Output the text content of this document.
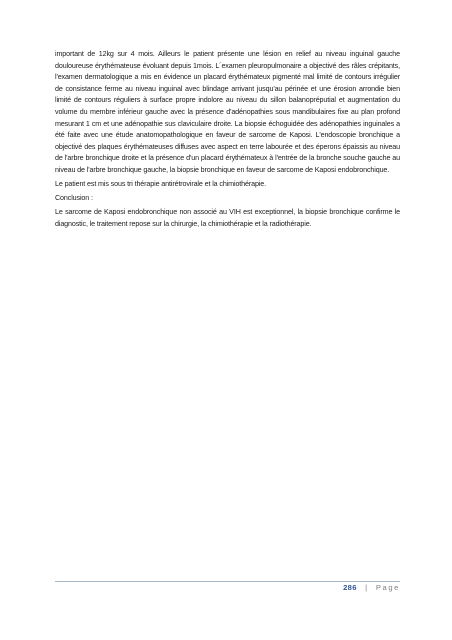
important de 12kg sur 4 mois. Ailleurs le patient présente une lésion en relief au niveau inguinal gauche douloureuse érythémateuse évoluant depuis 1mois. L´examen pleuropulmonaire a objectivé des râles crépitants, l'examen dermatologique a mis en évidence un placard érythémateux pigmenté mal limité de contours irrégulier de consistance ferme au niveau inguinal avec blindage arrivant jusqu'au périnée et une érosion arrondie bien limité de contours réguliers à surface propre indolore au niveau du sillon balanopréputial et augmentation du volume du membre inférieur gauche avec la présence d'adénopathies sous mandibulaires fixe au plan profond mesurant 1 cm et une adénopathie sus claviculaire droite. La biopsie échoguidée des adénopathies inguinales a été faite avec une étude anatomopathologique en faveur de sarcome de Kaposi. L'endoscopie bronchique a objectivé des plaques érythémateuses diffuses avec aspect en terre labourée et des éperons épaissis au niveau de l'arbre bronchique droite et la présence d'un placard érythémateux à l'entrée de la bronche souche gauche au niveau de l'arbre bronchique gauche, la biopsie bronchique en faveur de sarcome de Kaposi endobronchique.

Le patient est mis sous tri thérapie antirétrovirale et la chimiothérapie.

Conclusion :

Le sarcome de Kaposi endobronchique non associé au VIH est exceptionnel, la biopsie bronchique confirme le diagnostic, le traitement repose sur la chirurgie, la chimiothérapie et la radiothérapie.

286 | Page
